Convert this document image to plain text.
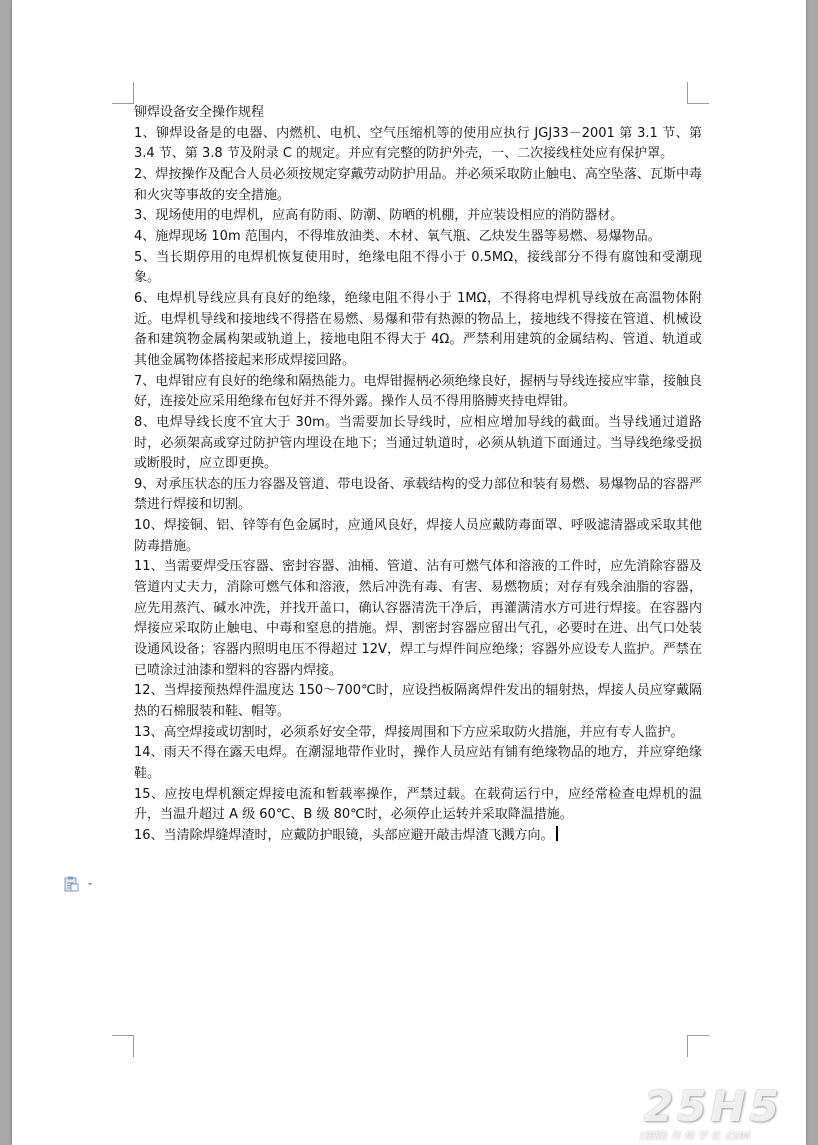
铆焊设备安全操作规程

1、铆焊设备是的电器、内燃机、电机、空气压缩机等的使用应执行 JGJ33－2001 第 3.1 节、第 3.4 节、第 3.8 节及附录 C 的规定。并应有完整的防护外壳，一、二次接线柱处应有保护罩。

2、焊按操作及配合人员必须按规定穿戴劳动防护用品。并必须采取防止触电、高空坠落、瓦斯中毒和火灾等事故的安全措施。

3、现场使用的电焊机，应高有防雨、防潮、防晒的机棚，并应装设相应的消防器材。

4、施焊现场 10m 范围内，不得堆放油类、木材、氧气瓶、乙炔发生器等易燃、易爆物品。

5、当长期停用的电焊机恢复使用时，绝缘电阻不得小于 0.5MΩ，接线部分不得有腐蚀和受潮现象。

6、电焊机导线应具有良好的绝缘，绝缘电阻不得小于 1MΩ，不得将电焊机导线放在高温物体附近。电焊机导线和接地线不得搭在易燃、易爆和带有热源的物品上，接地线不得接在管道、机械设备和建筑物金属构架或轨道上，接地电阻不得大于 4Ω。严禁利用建筑的金属结构、管道、轨道或其他金属物体搭接起来形成焊接回路。

7、电焊钳应有良好的绝缘和隔热能力。电焊钳握柄必须绝缘良好，握柄与导线连接应牢靠，接触良好，连接处应采用绝缘布包好并不得外露。操作人员不得用胳膊夹持电焊钳。

8、电焊导线长度不宜大于 30m。当需要加长导线时，应相应增加导线的截面。当导线通过道路时，必须架高或穿过防护管内埋设在地下；当通过轨道时，必须从轨道下面通过。当导线绝缘受损或断股时，应立即更换。

9、对承压状态的压力容器及管道、带电设备、承载结构的受力部位和装有易燃、易爆物品的容器严禁进行焊接和切割。

10、焊接铜、铝、锌等有色金属时，应通风良好，焊接人员应戴防毒面罩、呼吸滤清器或采取其他防毒措施。

11、当需要焊受压容器、密封容器、油桶、管道、沾有可燃气体和溶液的工件时，应先消除容器及管道内丈夫力，消除可燃气体和溶液，然后冲洗有毒、有害、易燃物质；对存有残余油脂的容器，应先用蒸汽、碱水冲洗，并找开盖口，确认容器清洗干净后，再灌满清水方可进行焊接。在容器内焊接应采取防止触电、中毒和窒息的措施。焊、割密封容器应留出气孔，必要时在进、出气口处装设通风设备；容器内照明电压不得超过 12V，焊工与焊件间应绝缘；容器外应设专人监护。严禁在已喷涂过油漆和塑料的容器内焊接。

12、当焊接预热焊件温度达 150～700℃时，应设挡板隔离焊件发出的辐射热，焊接人员应穿戴隔热的石棉服装和鞋、帽等。

13、高空焊接或切割时，必须系好安全带，焊接周围和下方应采取防火措施，并应有专人监护。

14、雨天不得在露天电焊。在潮湿地带作业时，操作人员应站有铺有绝缘物品的地方，并应穿绝缘鞋。

15、应按电焊机额定焊接电流和暂载率操作，严禁过载。在载荷运行中，应经常检查电焊机的温升，当温升超过 A 级 60℃、B 级 80℃时，必须停止运转并采取降温措施。

16、当清除焊缝焊渣时，应戴防护眼镜，头部应避开敲击焊渣飞溅方向。

25H5
(图版) 环 保 学 社 .COM
